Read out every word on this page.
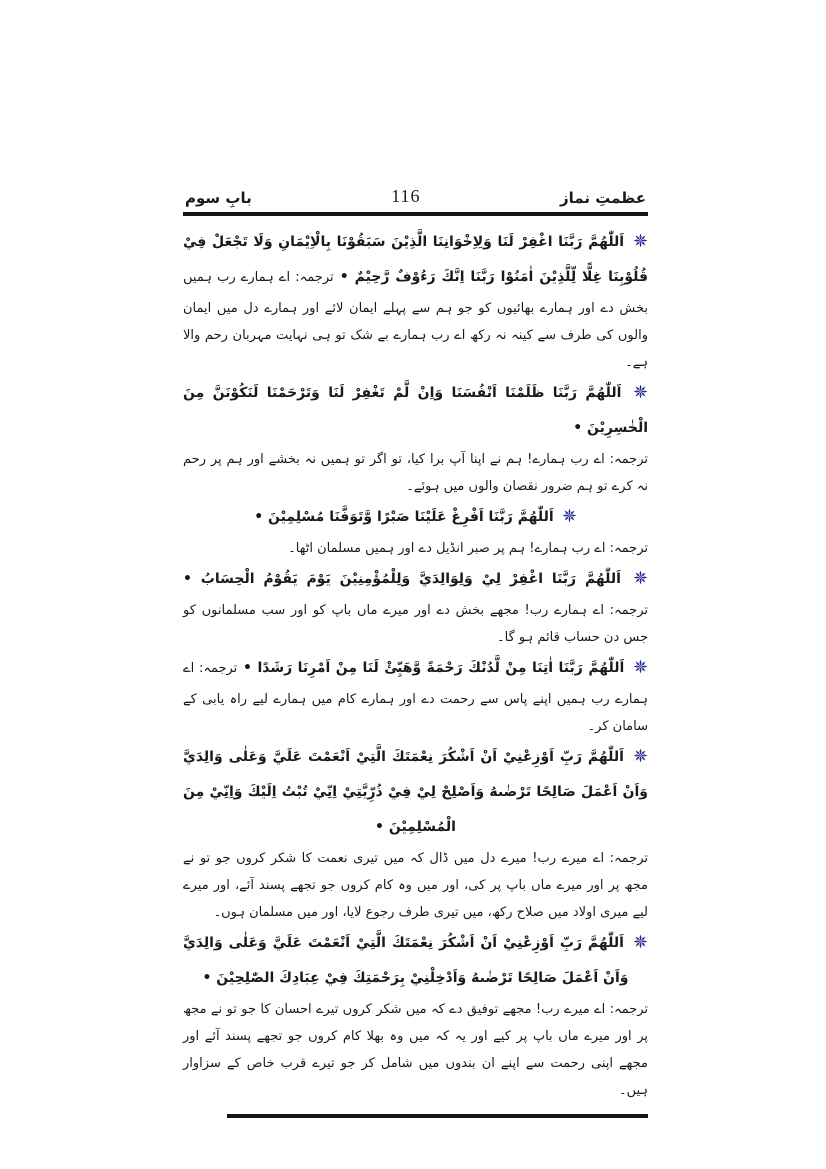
عظمتِ نماز
116
بابِ سوم

اَللّٰهُمَّ رَبَّنَا اغْفِرْ لَنَا وَلِاِخْوَانِنَا الَّذِيْنَ سَبَقُوْنَا بِالْاِيْمَانِ وَلَا تَجْعَلْ فِيْ قُلُوْبِنَا غِلًّا لِّلَّذِيْنَ اٰمَنُوْا رَبَّنَا اِنَّكَ رَءُوْفٌ رَّحِيْمٌ • ترجمہ: اے ہمارے رب ہمیں بخش دے اور ہمارے بھائیوں کو جو ہم سے پہلے ایمان لائے اور ہمارے دل میں ایمان والوں کی طرف سے کینہ نہ رکھ اے رب ہمارے بے شک تو ہی نہایت مہربان رحم والا ہے۔

اَللّٰهُمَّ رَبَّنَا ظَلَمْنَا اَنْفُسَنَا وَاِنْ لَّمْ تَغْفِرْ لَنَا وَتَرْحَمْنَا لَنَكُوْنَنَّ مِنَ الْخٰسِرِيْنَ •
ترجمہ: اے رب ہمارے! ہم نے اپنا آپ برا کیا، تو اگر تو ہمیں نہ بخشے اور ہم پر رحم نہ کرے تو ہم ضرور نقصان والوں میں ہوئے۔

اَللّٰهُمَّ رَبَّنَا اَفْرِغْ عَلَيْنَا صَبْرًا وَّتَوَفَّنَا مُسْلِمِيْنَ •
ترجمہ: اے رب ہمارے! ہم پر صبر انڈیل دے اور ہمیں مسلمان اٹھا۔

اَللّٰهُمَّ رَبَّنَا اغْفِرْ لِيْ وَلِوَالِدَيَّ وَلِلْمُؤْمِنِيْنَ يَوْمَ يَقُوْمُ الْحِسَابُ • ترجمہ: اے ہمارے رب! مجھے بخش دے اور میرے ماں باپ کو اور سب مسلمانوں کو جس دن حساب قائم ہو گا۔

اَللّٰهُمَّ رَبَّنَا اٰتِنَا مِنْ لَّدُنْكَ رَحْمَةً وَّهَيِّئْ لَنَا مِنْ اَمْرِنَا رَشَدًا • ترجمہ: اے ہمارے رب ہمیں اپنے پاس سے رحمت دے اور ہمارے کام میں ہمارے لیے راہ یابی کے سامان کر۔

اَللّٰهُمَّ رَبِّ اَوْزِعْنِيْ اَنْ اَشْكُرَ نِعْمَتَكَ الَّتِيْ اَنْعَمْتَ عَلَيَّ وَعَلٰى وَالِدَيَّ وَاَنْ اَعْمَلَ صَالِحًا تَرْضٰىهُ وَاَصْلِحْ لِيْ فِيْ ذُرِّيَّتِيْ اِنِّيْ تُبْتُ اِلَيْكَ وَاِنِّيْ مِنَ الْمُسْلِمِيْنَ •
ترجمہ: اے میرے رب! میرے دل میں ڈال کہ میں تیری نعمت کا شکر کروں جو تو نے مجھ پر اور میرے ماں باپ پر کی، اور میں وہ کام کروں جو تجھے پسند آئے، اور میرے لیے میری اولاد میں صلاح رکھ، میں تیری طرف رجوع لایا، اور میں مسلمان ہوں۔

اَللّٰهُمَّ رَبِّ اَوْزِعْنِيْ اَنْ اَشْكُرَ نِعْمَتَكَ الَّتِيْ اَنْعَمْتَ عَلَيَّ وَعَلٰى وَالِدَيَّ وَاَنْ اَعْمَلَ صَالِحًا تَرْضٰىهُ وَاَدْخِلْنِيْ بِرَحْمَتِكَ فِيْ عِبَادِكَ الصّٰلِحِيْنَ •
ترجمہ: اے میرے رب! مجھے توفیق دے کہ میں شکر کروں تیرے احسان کا جو تو نے مجھ پر اور میرے ماں باپ پر کیے اور یہ کہ میں وہ بھلا کام کروں جو تجھے پسند آئے اور مجھے اپنی رحمت سے اپنے ان بندوں میں شامل کر جو تیرے قرب خاص کے سزاوار ہیں۔
